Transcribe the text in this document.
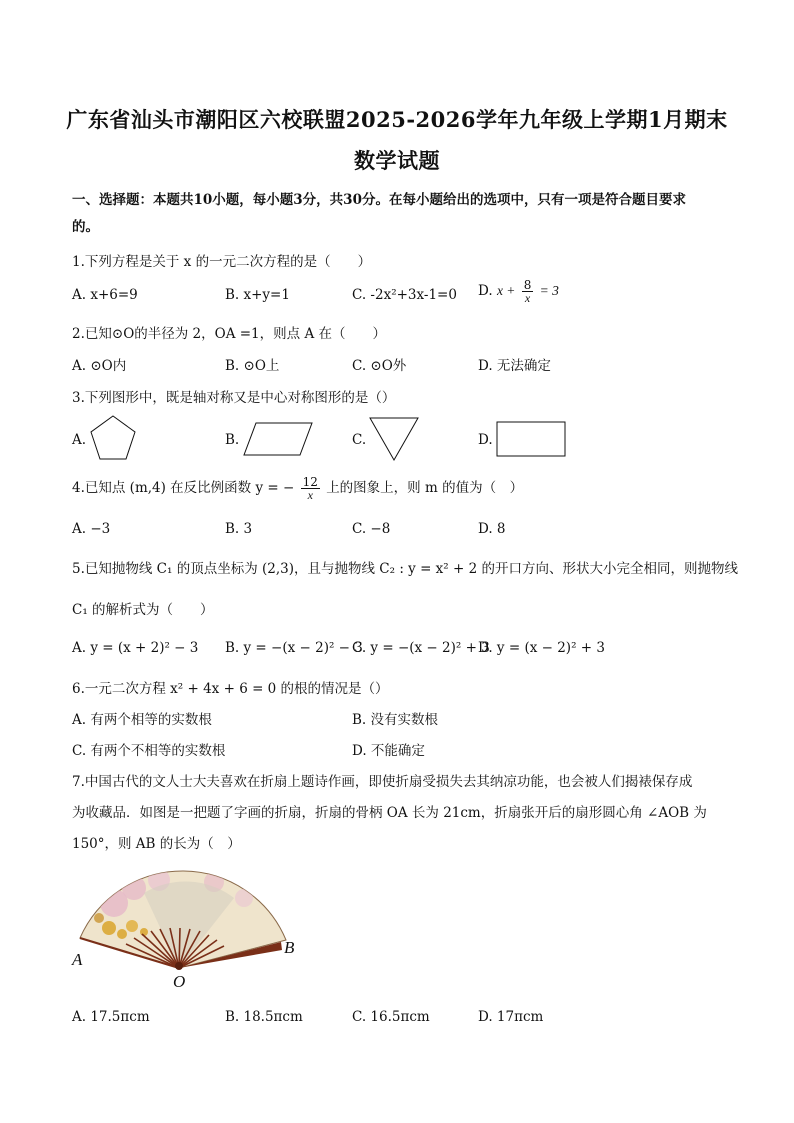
广东省汕头市潮阳区六校联盟2025-2026学年九年级上学期1月期末
数学试题
一、选择题：本题共10小题，每小题3分，共30分。在每小题给出的选项中，只有一项是符合题目要求
的。
1.下列方程是关于 x 的一元二次方程的是（　　）
A. x+6=9	B. x+y=1	C. -2x²+3x-1=0 D. $x + \frac{8}{x} = 3$
2.已知⊙O的半径为 2，OA =1，则点 A 在（　　）
A. ⊙O内	B. ⊙O上	C. ⊙O外	D. 无法确定
3.下列图形中，既是轴对称又是中心对称图形的是（）
A.	B.	C.	D.
4.已知点 (m,4) 在反比例函数 y = − $\frac{12}{x}$ 上的图象上，则 m 的值为（　）
A. −3	B. 3	C. −8	D. 8
5.已知抛物线 C₁ 的顶点坐标为 (2,3)，且与抛物线 C₂ : y = x² + 2 的开口方向、形状大小完全相同，则抛物线
C₁ 的解析式为（　　）
A. y = (x + 2)² − 3 B. y = −(x − 2)² − 3
C. y = −(x − 2)² + 3
D. y = (x − 2)² + 3
6.一元二次方程 x² + 4x + 6 = 0 的根的情况是（）
A. 有两个相等的实数根	B. 没有实数根
C. 有两个不相等的实数根	D. 不能确定
7.中国古代的文人士大夫喜欢在折扇上题诗作画，即使折扇受损失去其纳凉功能，也会被人们揭裱保存成
为收藏品．如图是一把题了字画的折扇，折扇的骨柄 OA 长为 21cm，折扇张开后的扇形圆心角 ∠AOB 为
150°，则 AB 的长为（　）
A
B
O
A. 17.5πcm	B. 18.5πcm	C. 16.5πcm	D. 17πcm
